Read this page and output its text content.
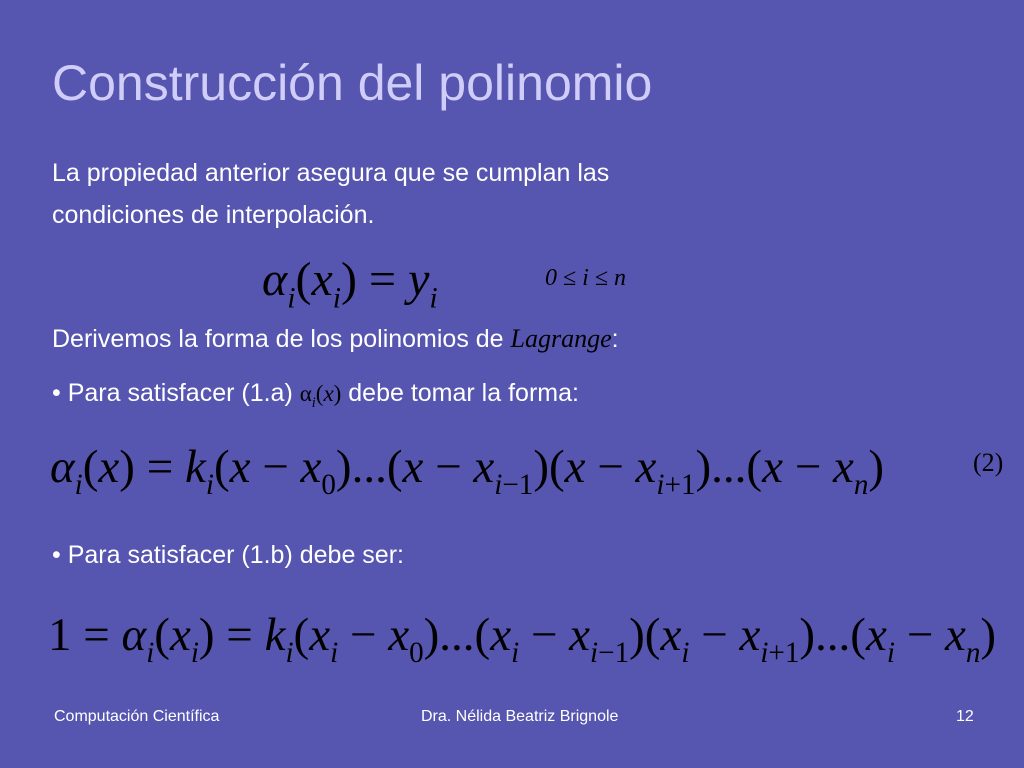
Construcción del polinomio
La propiedad anterior asegura que se cumplan las
condiciones de interpolación.
$\alpha_i(x_i) = y_i$
0 ≤ i ≤ n
Derivemos la forma de los polinomios de Lagrange:
• Para satisfacer (1.a) $\alpha_i(x)$ debe tomar la forma:
$\alpha_i(x) = k_i(x - x_0)...(x - x_{i-1})(x - x_{i+1})...(x - x_n)$	(2)
• Para satisfacer (1.b) debe ser:
$1 = \alpha_i(x_i) = k_i(x_i - x_0)...(x_i - x_{i-1})(x_i - x_{i+1})...(x_i - x_n)$
Computación Científica	Dra. Nélida Beatriz Brignole	12
